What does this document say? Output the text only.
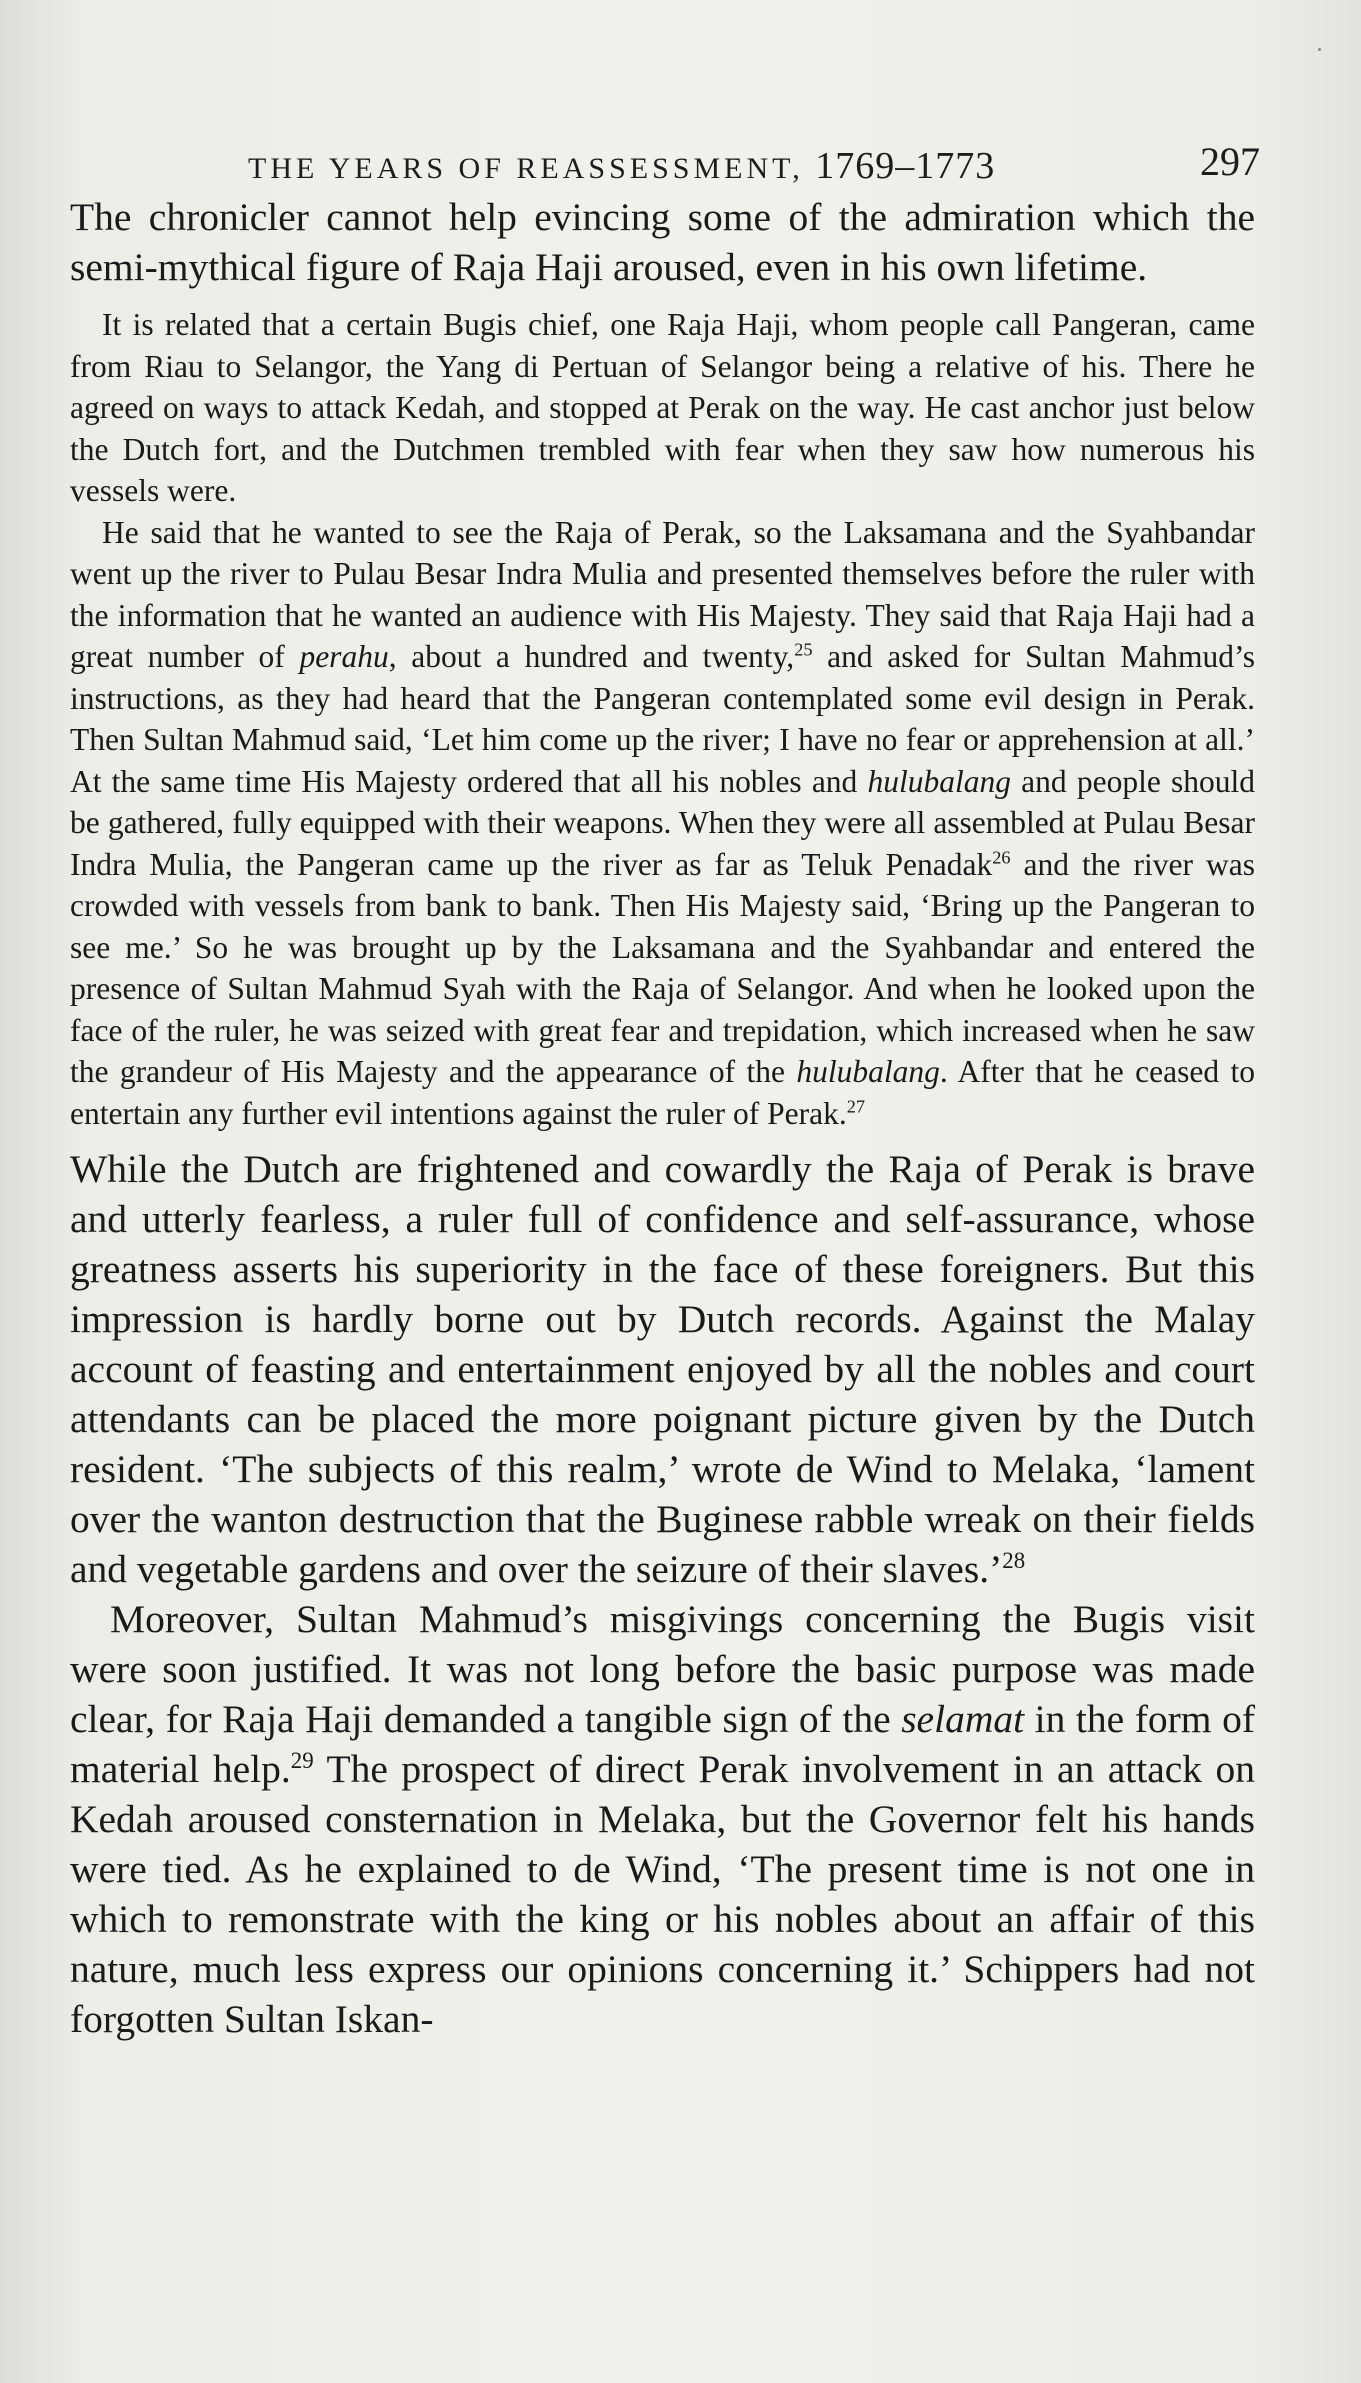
THE YEARS OF REASSESSMENT, 1769–1773	297

The chronicler cannot help evincing some of the admiration which the semi-mythical figure of Raja Haji aroused, even in his own lifetime.

It is related that a certain Bugis chief, one Raja Haji, whom people call Pangeran, came from Riau to Selangor, the Yang di Pertuan of Selangor being a relative of his. There he agreed on ways to attack Kedah, and stopped at Perak on the way. He cast anchor just below the Dutch fort, and the Dutchmen trembled with fear when they saw how numerous his vessels were.

He said that he wanted to see the Raja of Perak, so the Laksamana and the Syahbandar went up the river to Pulau Besar Indra Mulia and presented themselves before the ruler with the information that he wanted an audience with His Majesty. They said that Raja Haji had a great number of perahu, about a hundred and twenty,$^{25}$ and asked for Sultan Mahmud’s instructions, as they had heard that the Pangeran contemplated some evil design in Perak. Then Sultan Mahmud said, ‘Let him come up the river; I have no fear or apprehension at all.’ At the same time His Majesty ordered that all his nobles and hulubalang and people should be gathered, fully equipped with their weapons. When they were all assembled at Pulau Besar Indra Mulia, the Pangeran came up the river as far as Teluk Penadak$^{26}$ and the river was crowded with vessels from bank to bank. Then His Majesty said, ‘Bring up the Pangeran to see me.’ So he was brought up by the Laksamana and the Syahbandar and entered the presence of Sultan Mahmud Syah with the Raja of Selangor. And when he looked upon the face of the ruler, he was seized with great fear and trepidation, which increased when he saw the grandeur of His Majesty and the appearance of the hulubalang. After that he ceased to entertain any further evil intentions against the ruler of Perak.$^{27}$

While the Dutch are frightened and cowardly the Raja of Perak is brave and utterly fearless, a ruler full of confidence and self-assurance, whose greatness asserts his superiority in the face of these foreigners. But this impression is hardly borne out by Dutch records. Against the Malay account of feasting and entertainment enjoyed by all the nobles and court attendants can be placed the more poignant picture given by the Dutch resident. ‘The subjects of this realm,’ wrote de Wind to Melaka, ‘lament over the wanton destruction that the Buginese rabble wreak on their fields and vegetable gardens and over the seizure of their slaves.’$^{28}$

Moreover, Sultan Mahmud’s misgivings concerning the Bugis visit were soon justified. It was not long before the basic purpose was made clear, for Raja Haji demanded a tangible sign of the selamat in the form of material help.$^{29}$ The prospect of direct Perak involvement in an attack on Kedah aroused consternation in Melaka, but the Governor felt his hands were tied. As he explained to de Wind, ‘The present time is not one in which to remonstrate with the king or his nobles about an affair of this nature, much less express our opinions concerning it.’ Schippers had not forgotten Sultan Iskan-
